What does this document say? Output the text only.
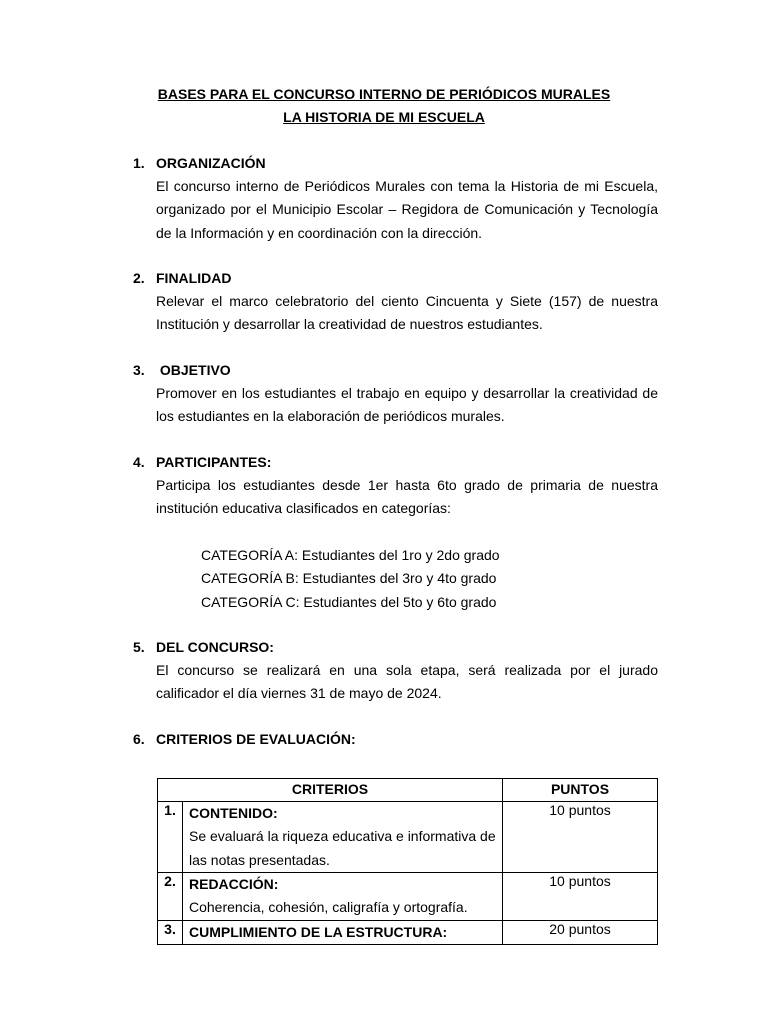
BASES PARA EL CONCURSO INTERNO DE PERIÓDICOS MURALES
LA HISTORIA DE MI ESCUELA
1. ORGANIZACIÓN
El concurso interno de Periódicos Murales con tema la Historia de mi Escuela,
organizado por el Municipio Escolar – Regidora de Comunicación y Tecnología
de la Información y en coordinación con la dirección.
2. FINALIDAD
Relevar el marco celebratorio del ciento Cincuenta y Siete (157) de nuestra
Institución y desarrollar la creatividad de nuestros estudiantes.
3. OBJETIVO
Promover en los estudiantes el trabajo en equipo y desarrollar la creatividad de
los estudiantes en la elaboración de periódicos murales.
4. PARTICIPANTES:
Participa los estudiantes desde 1er hasta 6to grado de primaria de nuestra
institución educativa clasificados en categorías:
CATEGORÍA A: Estudiantes del 1ro y 2do grado
CATEGORÍA B: Estudiantes del 3ro y 4to grado
CATEGORÍA C: Estudiantes del 5to y 6to grado
5. DEL CONCURSO:
El concurso se realizará en una sola etapa, será realizada por el jurado
calificador el día viernes 31 de mayo de 2024.
6. CRITERIOS DE EVALUACIÓN:
CRITERIOS		PUNTOS
1.	CONTENIDO:
Se evaluará la riqueza educativa e informativa de
las notas presentadas.	10 puntos
2.	REDACCIÓN:
Coherencia, cohesión, caligrafía y ortografía.	10 puntos
3.	CUMPLIMIENTO DE LA ESTRUCTURA:	20 puntos
